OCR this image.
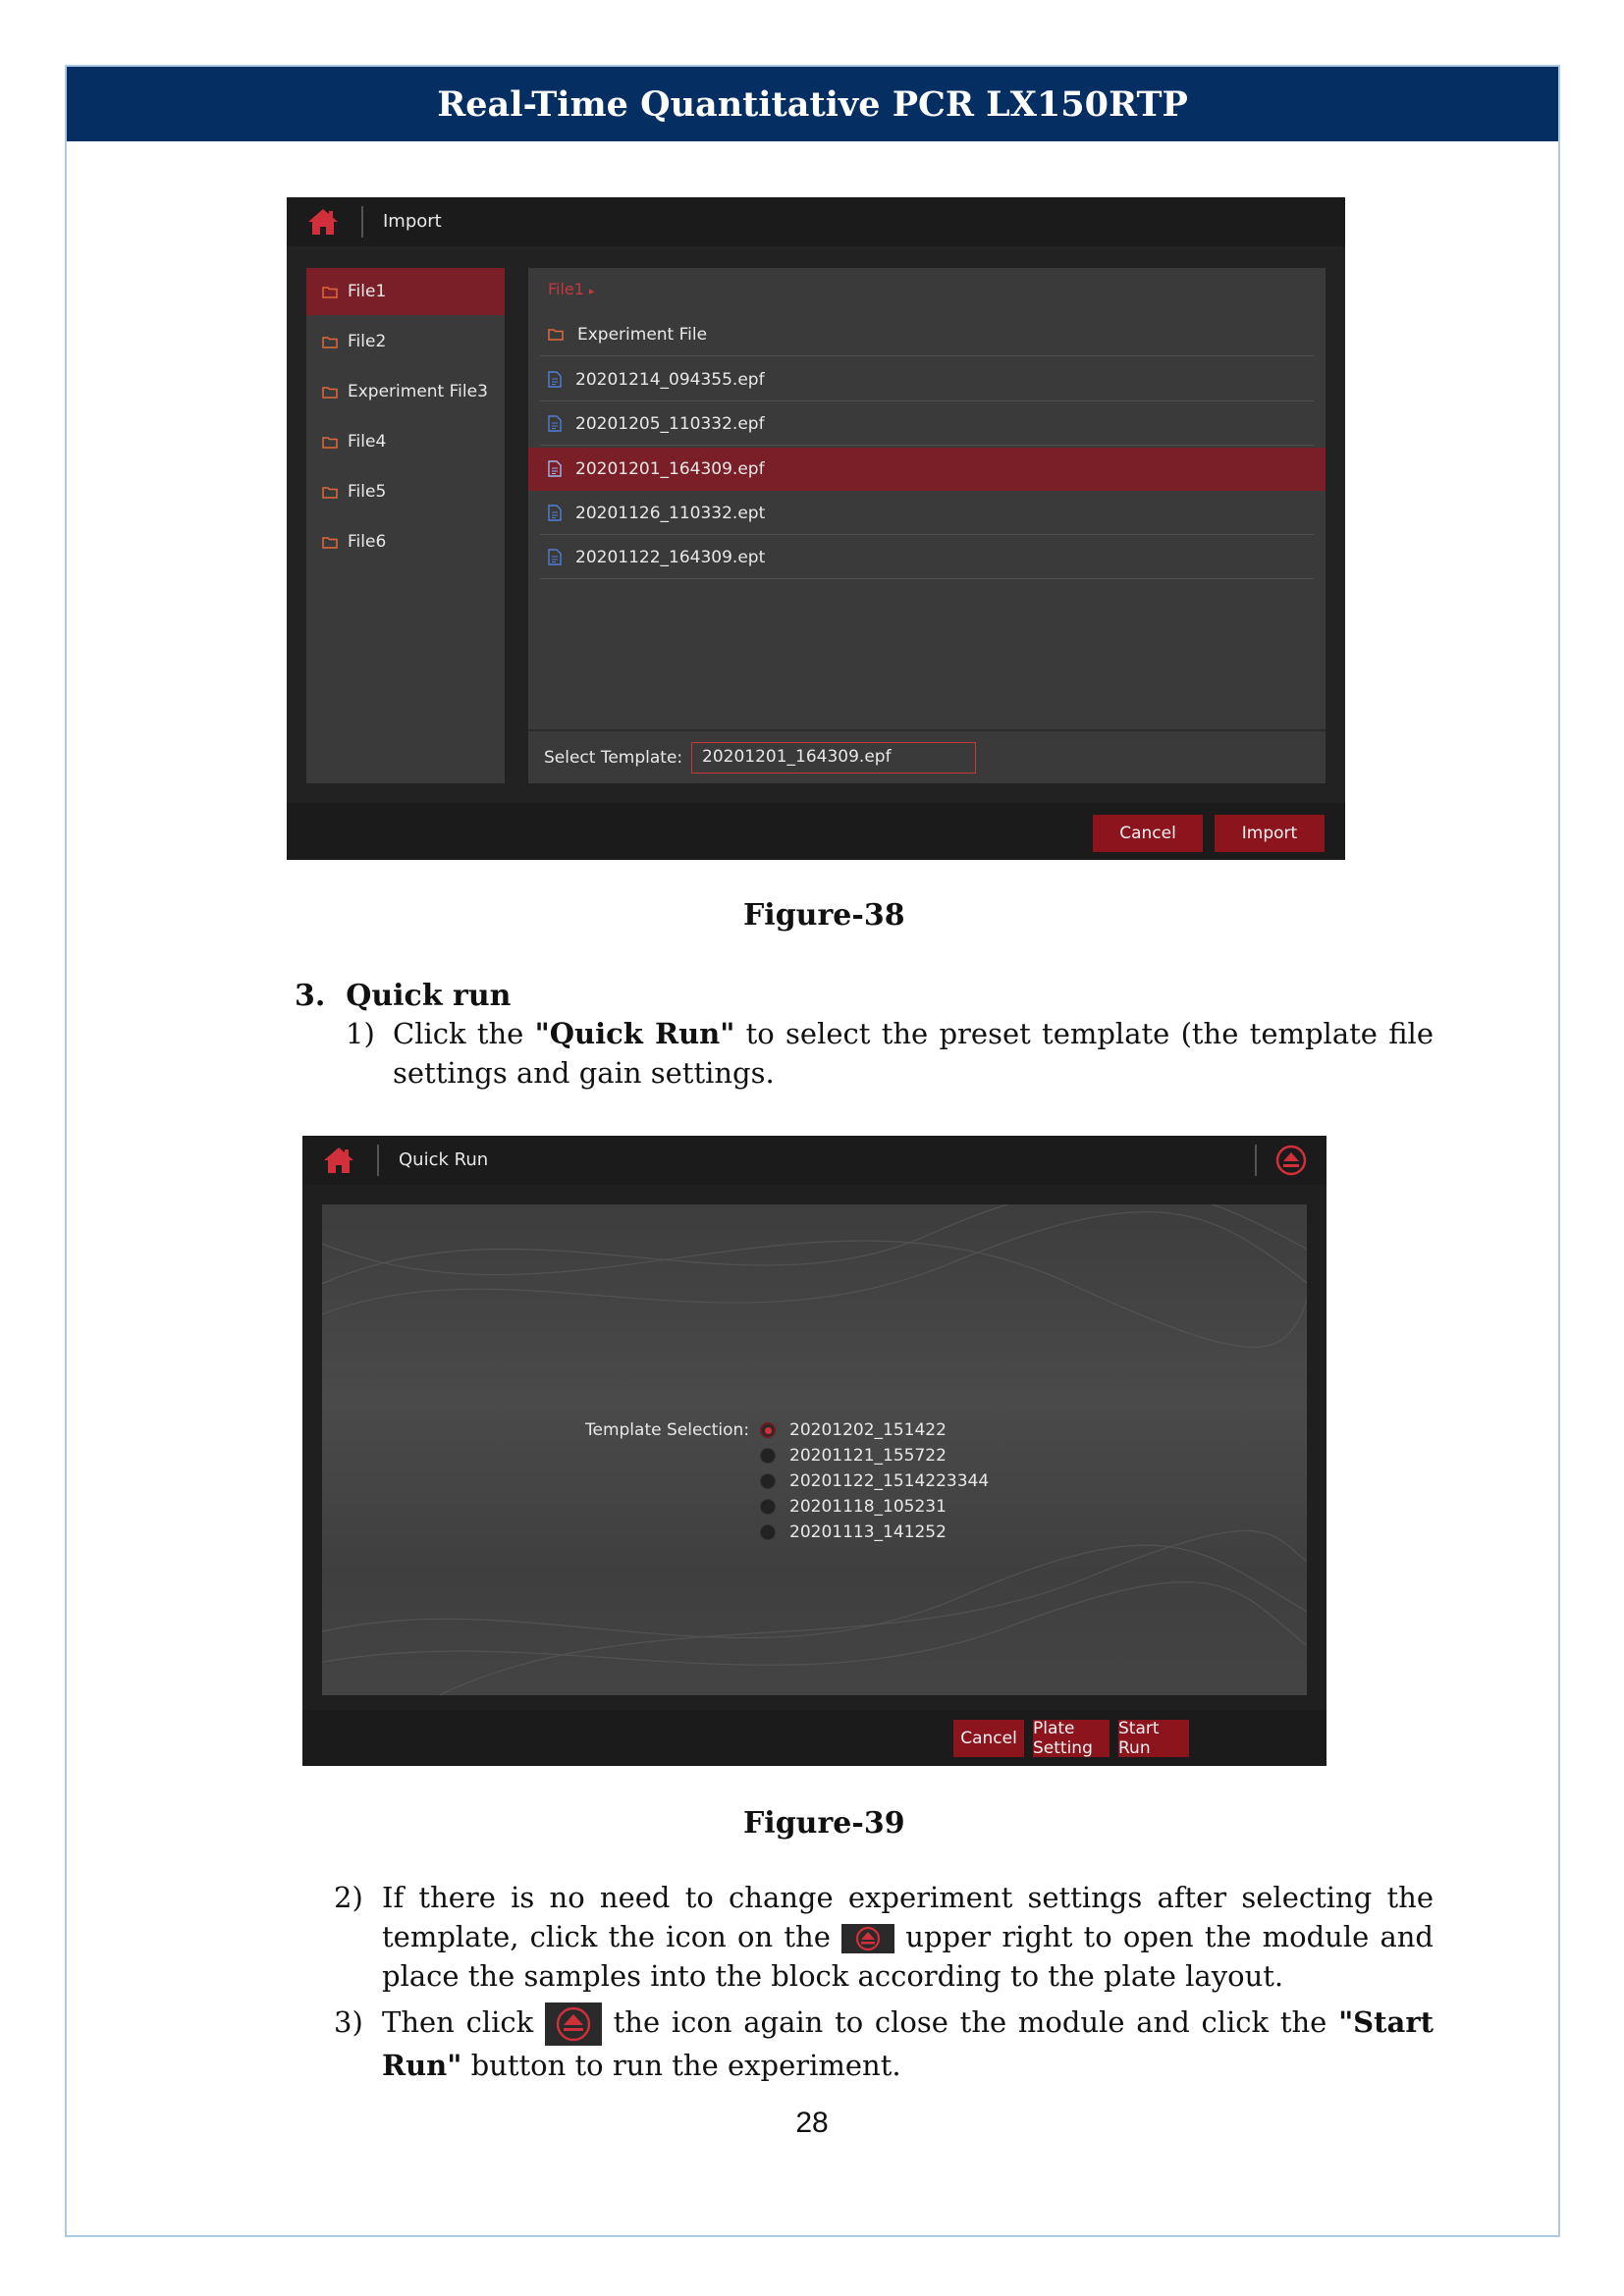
Real-Time Quantitative PCR LX150RTP
Import
File1
File2
Experiment File3
File4
File5
File6
File1 ▸
Experiment File
20201214_094355.epf
20201205_110332.epf
20201201_164309.epf
20201126_110332.ept
20201122_164309.ept
Select Template:	20201201_164309.epf
Cancel	Import
Figure-38
3.  Quick run
1) Click the "Quick Run" to select the preset template (the template file settings and gain settings.
Quick Run
Template Selection: 20201202_151422
20201121_155722
20201122_1514223344
20201118_105231
20201113_141252
Cancel Plate Setting
Start Run
Figure-39
2) If there is no need to change experiment settings after selecting the template, click the icon on the  upper right to open the module and place the samples into the block according to the plate layout.
3) Then click  the icon again to close the module and click the "Start Run" button to run the experiment.
28
